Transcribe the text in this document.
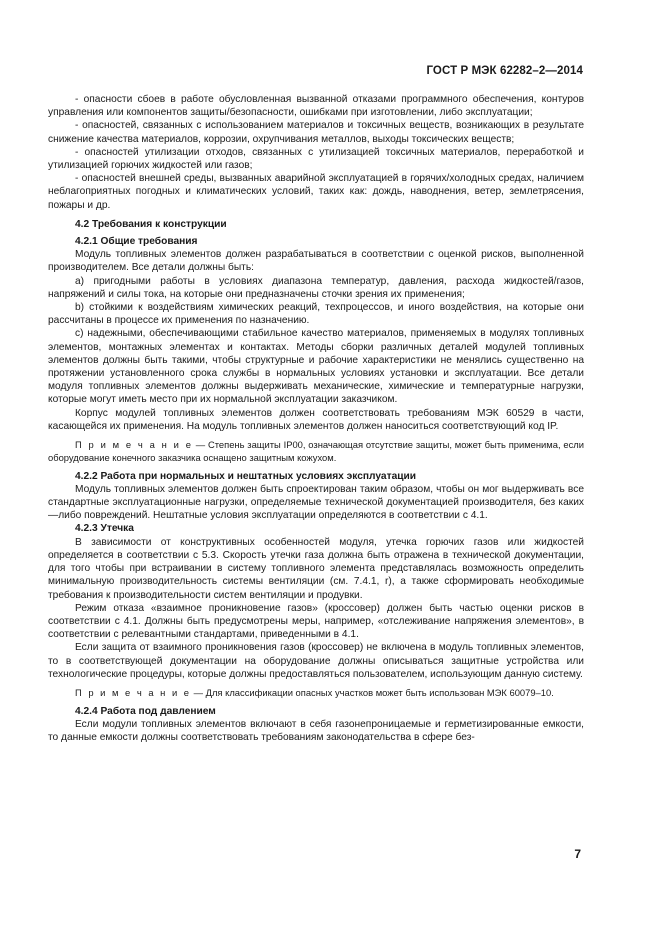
ГОСТ Р МЭК 62282–2—2014

- опасности сбоев в работе обусловленная вызванной отказами программного обеспечения, контуров управления или компонентов защиты/безопасности, ошибками при изготовлении, либо эксплуатации;

- опасностей, связанных с использованием материалов и токсичных веществ, возникающих в результате снижение качества материалов, коррозии, охрупчивания металлов, выходы токсических веществ;

- опасностей утилизации отходов, связанных с утилизацией токсичных материалов, переработкой и утилизацией горючих жидкостей или газов;

- опасностей внешней среды, вызванных аварийной эксплуатацией в горячих/холодных средах, наличием неблагоприятных погодных и климатических условий, таких как: дождь, наводнения, ветер, землетрясения, пожары и др.

4.2 Требования к конструкции

4.2.1 Общие требования

Модуль топливных элементов должен разрабатываться в соответствии с оценкой рисков, выполненной производителем. Все детали должны быть:

a) пригодными работы в условиях диапазона температур, давления, расхода жидкостей/газов, напряжений и силы тока, на которые они предназначены сточки зрения их применения;

b) стойкими к воздействиям химических реакций, техпроцессов, и иного воздействия, на которые они рассчитаны в процессе их применения по назначению.

c) надежными, обеспечивающими стабильное качество материалов, применяемых в модулях топливных элементов, монтажных элементах и контактах. Методы сборки различных деталей модулей топливных элементов должны быть такими, чтобы структурные и рабочие характеристики не менялись существенно на протяжении установленного срока службы в нормальных условиях установки и эксплуатации. Все детали модуля топливных элементов должны выдерживать механические, химические и температурные нагрузки, которые могут иметь место при их нормальной эксплуатации заказчиком.

Корпус модулей топливных элементов должен соответствовать требованиям МЭК 60529 в части, касающейся их применения. На модуль топливных элементов должен наноситься соответствующий код IP.

П р и м е ч а н и е — Степень защиты IP00, означающая отсутствие защиты, может быть применима, если оборудование конечного заказчика оснащено защитным кожухом.

4.2.2 Работа при нормальных и нештатных условиях эксплуатации

Модуль топливных элементов должен быть спроектирован таким образом, чтобы он мог выдерживать все стандартные эксплуатационные нагрузки, определяемые технической документацией производителя, без каких—либо повреждений. Нештатные условия эксплуатации определяются в соответствии с 4.1.

4.2.3 Утечка

В зависимости от конструктивных особенностей модуля, утечка горючих газов или жидкостей определяется в соответствии с 5.3. Скорость утечки газа должна быть отражена в технической документации, для того чтобы при встраивании в систему топливного элемента представлялась возможность определить минимальную производительность системы вентиляции (см. 7.4.1, r), а также сформировать необходимые требования к производительности систем вентиляции и продувки.

Режим отказа «взаимное проникновение газов» (кроссовер) должен быть частью оценки рисков в соответствии с 4.1. Должны быть предусмотрены меры, например, «отслеживание напряжения элементов», в соответствии с релевантными стандартами, приведенными в 4.1.

Если защита от взаимного проникновения газов (кроссовер) не включена в модуль топливных элементов, то в соответствующей документации на оборудование должны описываться защитные устройства или технологические процедуры, которые должны предоставляться пользователем, использующим данную систему.

П р и м е ч а н и е — Для классификации опасных участков может быть использован МЭК 60079–10.

4.2.4 Работа под давлением

Если модули топливных элементов включают в себя газонепроницаемые и герметизированные емкости, то данные емкости должны соответствовать требованиям законодательства в сфере без-

7
